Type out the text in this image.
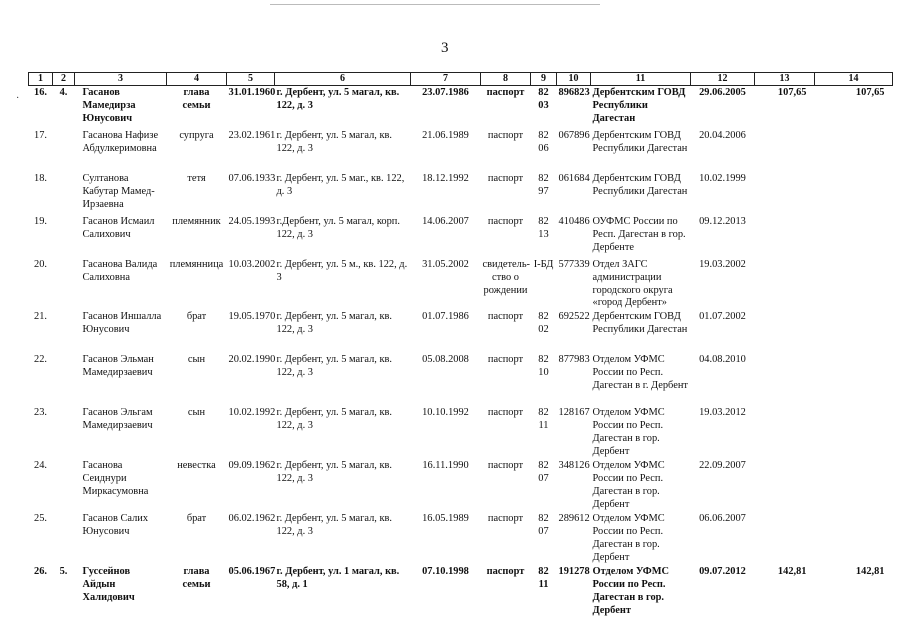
3
·
1	2	3	4	5	6	7	8	9	10	11	12	13	14
16.	4.	Гасанов Мамедирза Юнусович	глава семьи	31.01.1960	г. Дербент, ул. 5 магал, кв. 122, д. 3	23.07.1986	паспорт	82 03	896823	Дербентским ГОВД Республики Дагестан	29.06.2005	107,65	107,65
17.		Гасанова Нафизе Абдулкеримовна	супруга	23.02.1961	г. Дербент, ул. 5 магал, кв. 122, д. 3	21.06.1989	паспорт	82 06	067896	Дербентским ГОВД Республики Дагестан	20.04.2006		
18.		Султанова Кабутар Мамед-Ирзаевна	тетя	07.06.1933	г. Дербент, ул. 5 маг., кв. 122, д. 3	18.12.1992	паспорт	82 97	061684	Дербентским ГОВД Республики Дагестан	10.02.1999		
19.		Гасанов Исмаил Салихович	племянник	24.05.1993	г.Дербент, ул. 5 магал, корп. 122, д. 3	14.06.2007	паспорт	82 13	410486	ОУФМС России по Респ. Дагестан в гор. Дербенте	09.12.2013		
20.		Гасанова Валида Салиховна	племянница	10.03.2002	г. Дербент, ул. 5 м., кв. 122, д. 3	31.05.2002	свидетель-ство о рождении	I-БД	577339	Отдел ЗАГС администрации городского округа «город Дербент»	19.03.2002		
21.		Гасанов Иншалла Юнусович	брат	19.05.1970	г. Дербент, ул. 5 магал, кв. 122, д. 3	01.07.1986	паспорт	82 02	692522	Дербентским ГОВД Республики Дагестан	01.07.2002		
22.		Гасанов Эльман Мамедирзаевич	сын	20.02.1990	г. Дербент, ул. 5 магал, кв. 122, д. 3	05.08.2008	паспорт	82 10	877983	Отделом УФМС России по Респ. Дагестан в г. Дербент	04.08.2010		
23.		Гасанов Эльгам Мамедирзаевич	сын	10.02.1992	г. Дербент, ул. 5 магал, кв. 122, д. 3	10.10.1992	паспорт	82 11	128167	Отделом УФМС России по Респ. Дагестан в гор. Дербент	19.03.2012		
24.		Гасанова Сеиднури Миркасумовна	невестка	09.09.1962	г. Дербент, ул. 5 магал, кв. 122, д. 3	16.11.1990	паспорт	82 07	348126	Отделом УФМС России по Респ. Дагестан в гор. Дербент	22.09.2007		
25.		Гасанов Салих Юнусович	брат	06.02.1962	г. Дербент, ул. 5 магал, кв. 122, д. 3	16.05.1989	паспорт	82 07	289612	Отделом УФМС России по Респ. Дагестан в гор. Дербент	06.06.2007		
26.	5.	Гуссейнов Айдын Халидович	глава семьи	05.06.1967	г. Дербент, ул. 1 магал, кв. 58, д. 1	07.10.1998	паспорт	82 11	191278	Отделом УФМС России по Респ. Дагестан в гор. Дербент	09.07.2012	142,81	142,81
